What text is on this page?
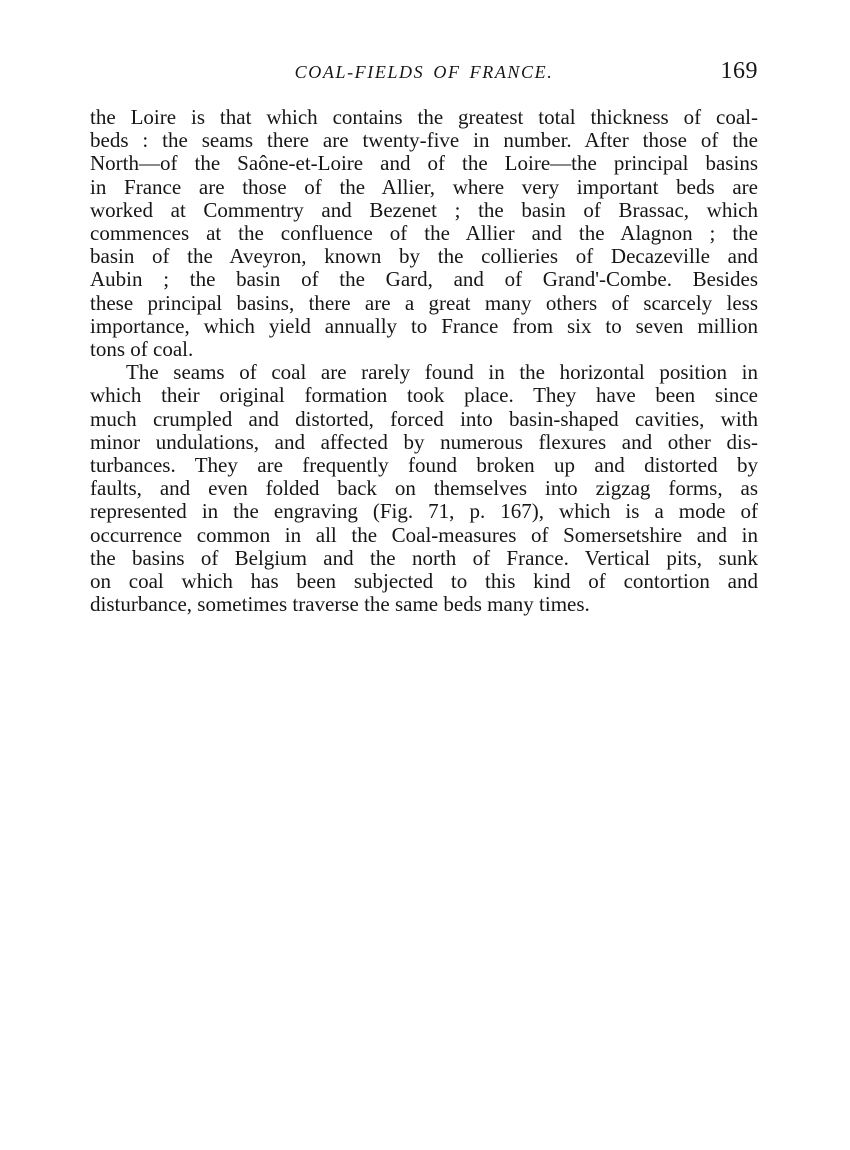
COAL-FIELDS OF FRANCE.	169
the Loire is that which contains the greatest total thickness of coal-
beds : the seams there are twenty-five in number. After those of the
North—of the Saône-et-Loire and of the Loire—the principal basins
in France are those of the Allier, where very important beds are
worked at Commentry and Bezenet ; the basin of Brassac, which
commences at the confluence of the Allier and the Alagnon ; the
basin of the Aveyron, known by the collieries of Decazeville and
Aubin ; the basin of the Gard, and of Grand'-Combe. Besides
these principal basins, there are a great many others of scarcely less
importance, which yield annually to France from six to seven million
tons of coal.
The seams of coal are rarely found in the horizontal position in
which their original formation took place. They have been since
much crumpled and distorted, forced into basin-shaped cavities, with
minor undulations, and affected by numerous flexures and other dis-
turbances. They are frequently found broken up and distorted by
faults, and even folded back on themselves into zigzag forms, as
represented in the engraving (Fig. 71, p. 167), which is a mode of
occurrence common in all the Coal-measures of Somersetshire and in
the basins of Belgium and the north of France. Vertical pits, sunk
on coal which has been subjected to this kind of contortion and
disturbance, sometimes traverse the same beds many times.
